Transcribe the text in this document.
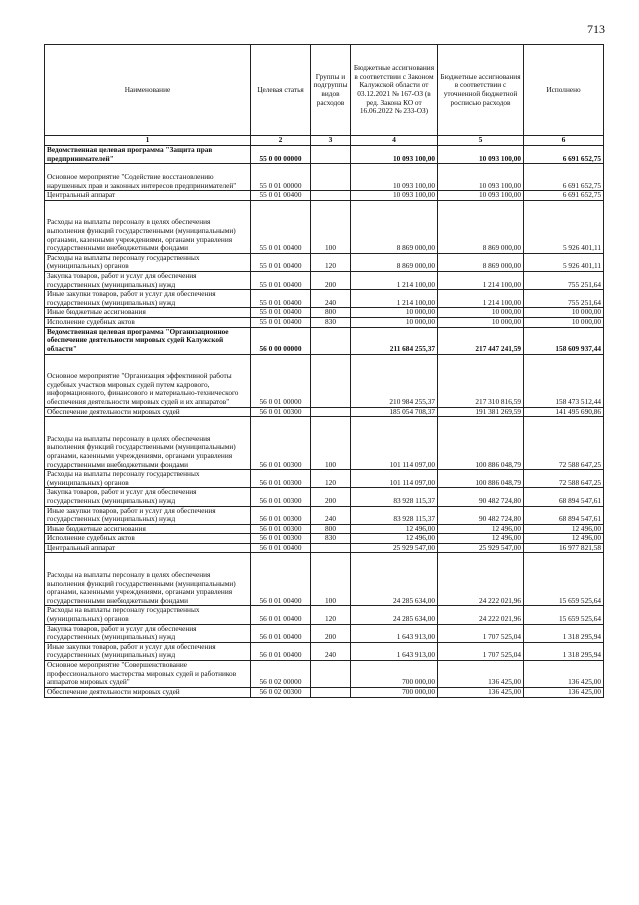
713
Наименование	Целевая статья	Группы и подгруппы видов расходов	Бюджетные ассигнования в соответствии с Законом Калужской области от 03.12.2021 № 167-ОЗ (в ред. Закона КО от 16.06.2022 № 233-ОЗ)	Бюджетные ассигнования в соответствии с уточненной бюджетной росписью расходов	Исполнено
1	2	3	4	5	6
Ведомственная целевая программа "Защита прав предпринимателей"	55 0 00 00000		10 093 100,00	10 093 100,00	6 691 652,75
Основное мероприятие "Содействие восстановлению нарушенных прав и законных интересов предпринимателей"	55 0 01 00000		10 093 100,00	10 093 100,00	6 691 652,75
Центральный аппарат	55 0 01 00400		10 093 100,00	10 093 100,00	6 691 652,75
Расходы на выплаты персоналу в целях обеспечения выполнения функций государственными (муниципальными) органами, казенными учреждениями, органами управления государственными внебюджетными фондами	55 0 01 00400	100	8 869 000,00	8 869 000,00	5 926 401,11
Расходы на выплаты персоналу государственных (муниципальных) органов	55 0 01 00400	120	8 869 000,00	8 869 000,00	5 926 401,11
Закупка товаров, работ и услуг для обеспечения государственных (муниципальных) нужд	55 0 01 00400	200	1 214 100,00	1 214 100,00	755 251,64
Иные закупки товаров, работ и услуг для обеспечения государственных (муниципальных) нужд	55 0 01 00400	240	1 214 100,00	1 214 100,00	755 251,64
Иные бюджетные ассигнования	55 0 01 00400	800	10 000,00	10 000,00	10 000,00
Исполнение судебных актов	55 0 01 00400	830	10 000,00	10 000,00	10 000,00
Ведомственная целевая программа "Организационное обеспечение деятельности мировых судей Калужской области"	56 0 00 00000		211 684 255,37	217 447 241,59	158 609 937,44
Основное мероприятие "Организация эффективной работы судебных участков мировых судей путем кадрового, информационного, финансового и материально-технического обеспечения деятельности мировых судей и их аппаратов"	56 0 01 00000		210 984 255,37	217 310 816,59	158 473 512,44
Обеспечение деятельности мировых судей	56 0 01 00300		185 054 708,37	191 381 269,59	141 495 690,86
Расходы на выплаты персоналу в целях обеспечения выполнения функций государственными (муниципальными) органами, казенными учреждениями, органами управления государственными внебюджетными фондами	56 0 01 00300	100	101 114 097,00	100 886 048,79	72 588 647,25
Расходы на выплаты персоналу государственных (муниципальных) органов	56 0 01 00300	120	101 114 097,00	100 886 048,79	72 588 647,25
Закупка товаров, работ и услуг для обеспечения государственных (муниципальных) нужд	56 0 01 00300	200	83 928 115,37	90 482 724,80	68 894 547,61
Иные закупки товаров, работ и услуг для обеспечения государственных (муниципальных) нужд	56 0 01 00300	240	83 928 115,37	90 482 724,80	68 894 547,61
Иные бюджетные ассигнования	56 0 01 00300	800	12 496,00	12 496,00	12 496,00
Исполнение судебных актов	56 0 01 00300	830	12 496,00	12 496,00	12 496,00
Центральный аппарат	56 0 01 00400		25 929 547,00	25 929 547,00	16 977 821,58
Расходы на выплаты персоналу в целях обеспечения выполнения функций государственными (муниципальными) органами, казенными учреждениями, органами управления государственными внебюджетными фондами	56 0 01 00400	100	24 285 634,00	24 222 021,96	15 659 525,64
Расходы на выплаты персоналу государственных (муниципальных) органов	56 0 01 00400	120	24 285 634,00	24 222 021,96	15 659 525,64
Закупка товаров, работ и услуг для обеспечения государственных (муниципальных) нужд	56 0 01 00400	200	1 643 913,00	1 707 525,04	1 318 295,94
Иные закупки товаров, работ и услуг для обеспечения государственных (муниципальных) нужд	56 0 01 00400	240	1 643 913,00	1 707 525,04	1 318 295,94
Основное мероприятие "Совершенствование профессионального мастерства мировых судей и работников аппаратов мировых судей"	56 0 02 00000		700 000,00	136 425,00	136 425,00
Обеспечение деятельности мировых судей	56 0 02 00300		700 000,00	136 425,00	136 425,00
